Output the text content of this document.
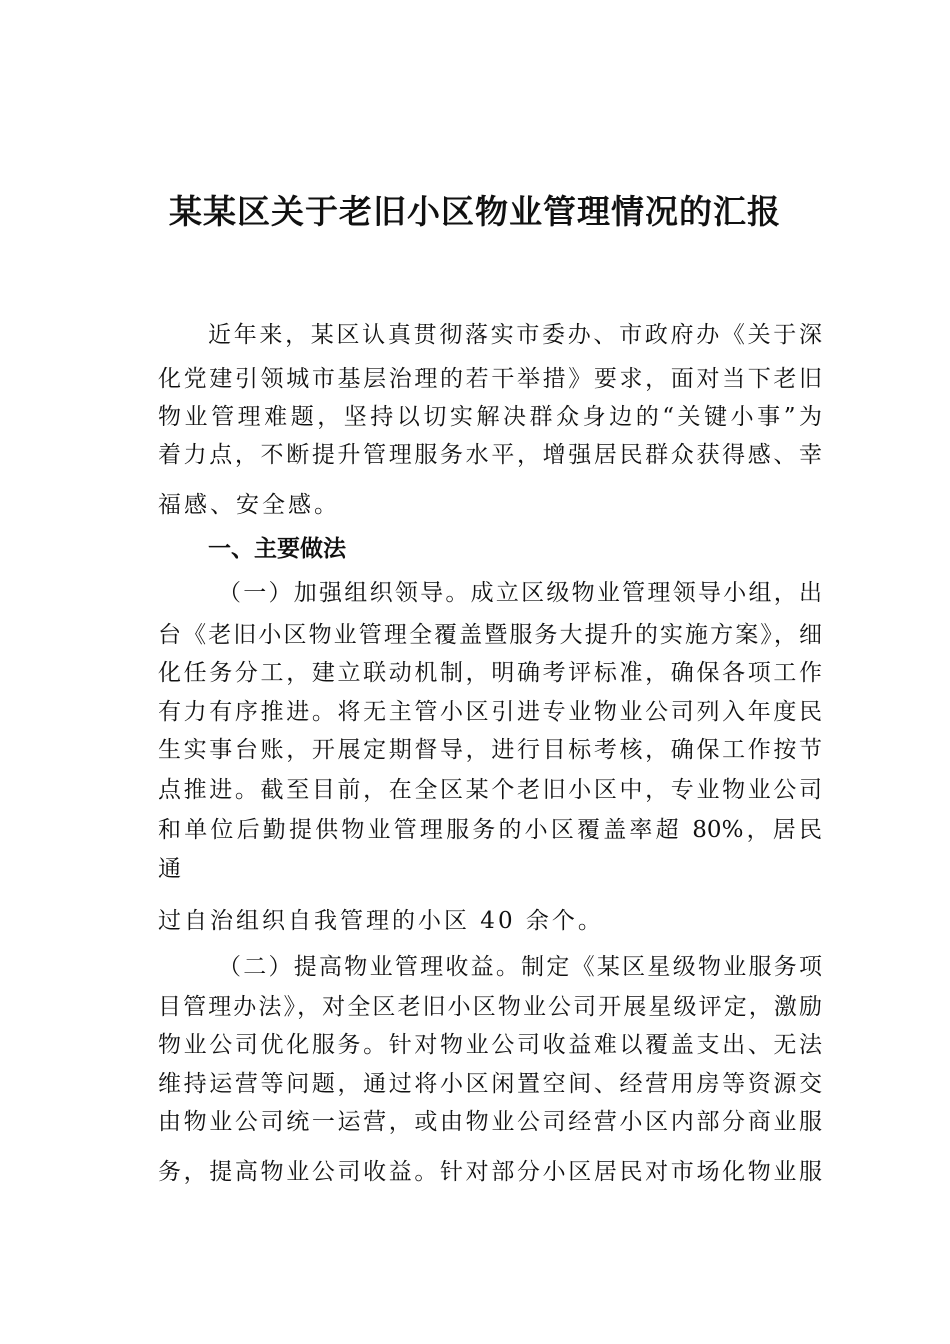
某某区关于老旧小区物业管理情况的汇报
近年来，某区认真贯彻落实市委办、市政府办《关于深
化党建引领城市基层治理的若干举措》要求，面对当下老旧
物业管理难题，坚持以切实解决群众身边的“关键小事”为
着力点，不断提升管理服务水平，增强居民群众获得感、幸
福感、安全感。
一、主要做法
（一）加强组织领导。成立区级物业管理领导小组，出
台《老旧小区物业管理全覆盖暨服务大提升的实施方案》，细
化任务分工，建立联动机制，明确考评标准，确保各项工作
有力有序推进。将无主管小区引进专业物业公司列入年度民
生实事台账，开展定期督导，进行目标考核，确保工作按节
点推进。截至目前，在全区某个老旧小区中，专业物业公司
和单位后勤提供物业管理服务的小区覆盖率超 80%，居民
通
过自治组织自我管理的小区 40 余个。
（二）提高物业管理收益。制定《某区星级物业服务项
目管理办法》，对全区老旧小区物业公司开展星级评定，激励
物业公司优化服务。针对物业公司收益难以覆盖支出、无法
维持运营等问题，通过将小区闲置空间、经营用房等资源交
由物业公司统一运营，或由物业公司经营小区内部分商业服
务，提高物业公司收益。针对部分小区居民对市场化物业服
